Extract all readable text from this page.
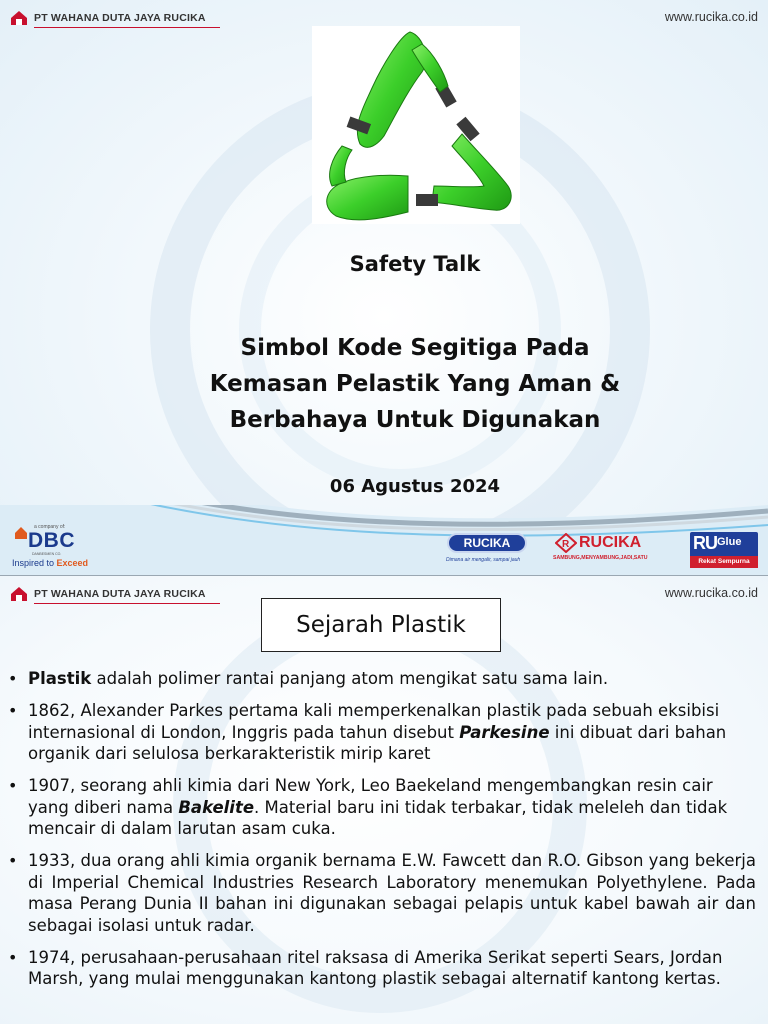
PT WAHANA DUTA JAYA RUCIKA	www.rucika.co.id
Safety Talk
Simbol Kode Segitiga Pada
Kemasan Pelastik Yang Aman &
Berbahaya Untuk Digunakan
06 Agustus 2024
a company of:
DBC
DANBESMEN CO.
Inspired to Exceed
RUCIKA
Dimana air mengalir, sampai jauh
R RUCIKA
SAMBUNG,MENYAMBUNG,JADI,SATU
RU Glue
Rekat Sempurna
PT WAHANA DUTA JAYA RUCIKA	www.rucika.co.id
Sejarah Plastik
• Plastik adalah polimer rantai panjang atom mengikat satu sama lain.
• 1862, Alexander Parkes pertama kali memperkenalkan plastik pada sebuah eksibisi internasional di London, Inggris pada tahun disebut Parkesine ini dibuat dari bahan organik dari selulosa berkarakteristik mirip karet
• 1907, seorang ahli kimia dari New York, Leo Baekeland mengembangkan resin cair yang diberi nama Bakelite. Material baru ini tidak terbakar, tidak meleleh dan tidak mencair di dalam larutan asam cuka.
• 1933, dua orang ahli kimia organik bernama E.W. Fawcett dan R.O. Gibson yang bekerja di Imperial Chemical Industries Research Laboratory menemukan Polyethylene. Pada masa Perang Dunia II bahan ini digunakan sebagai pelapis untuk kabel bawah air dan sebagai isolasi untuk radar.
• 1974, perusahaan-perusahaan ritel raksasa di Amerika Serikat seperti Sears, Jordan Marsh, yang mulai menggunakan kantong plastik sebagai alternatif kantong kertas.
